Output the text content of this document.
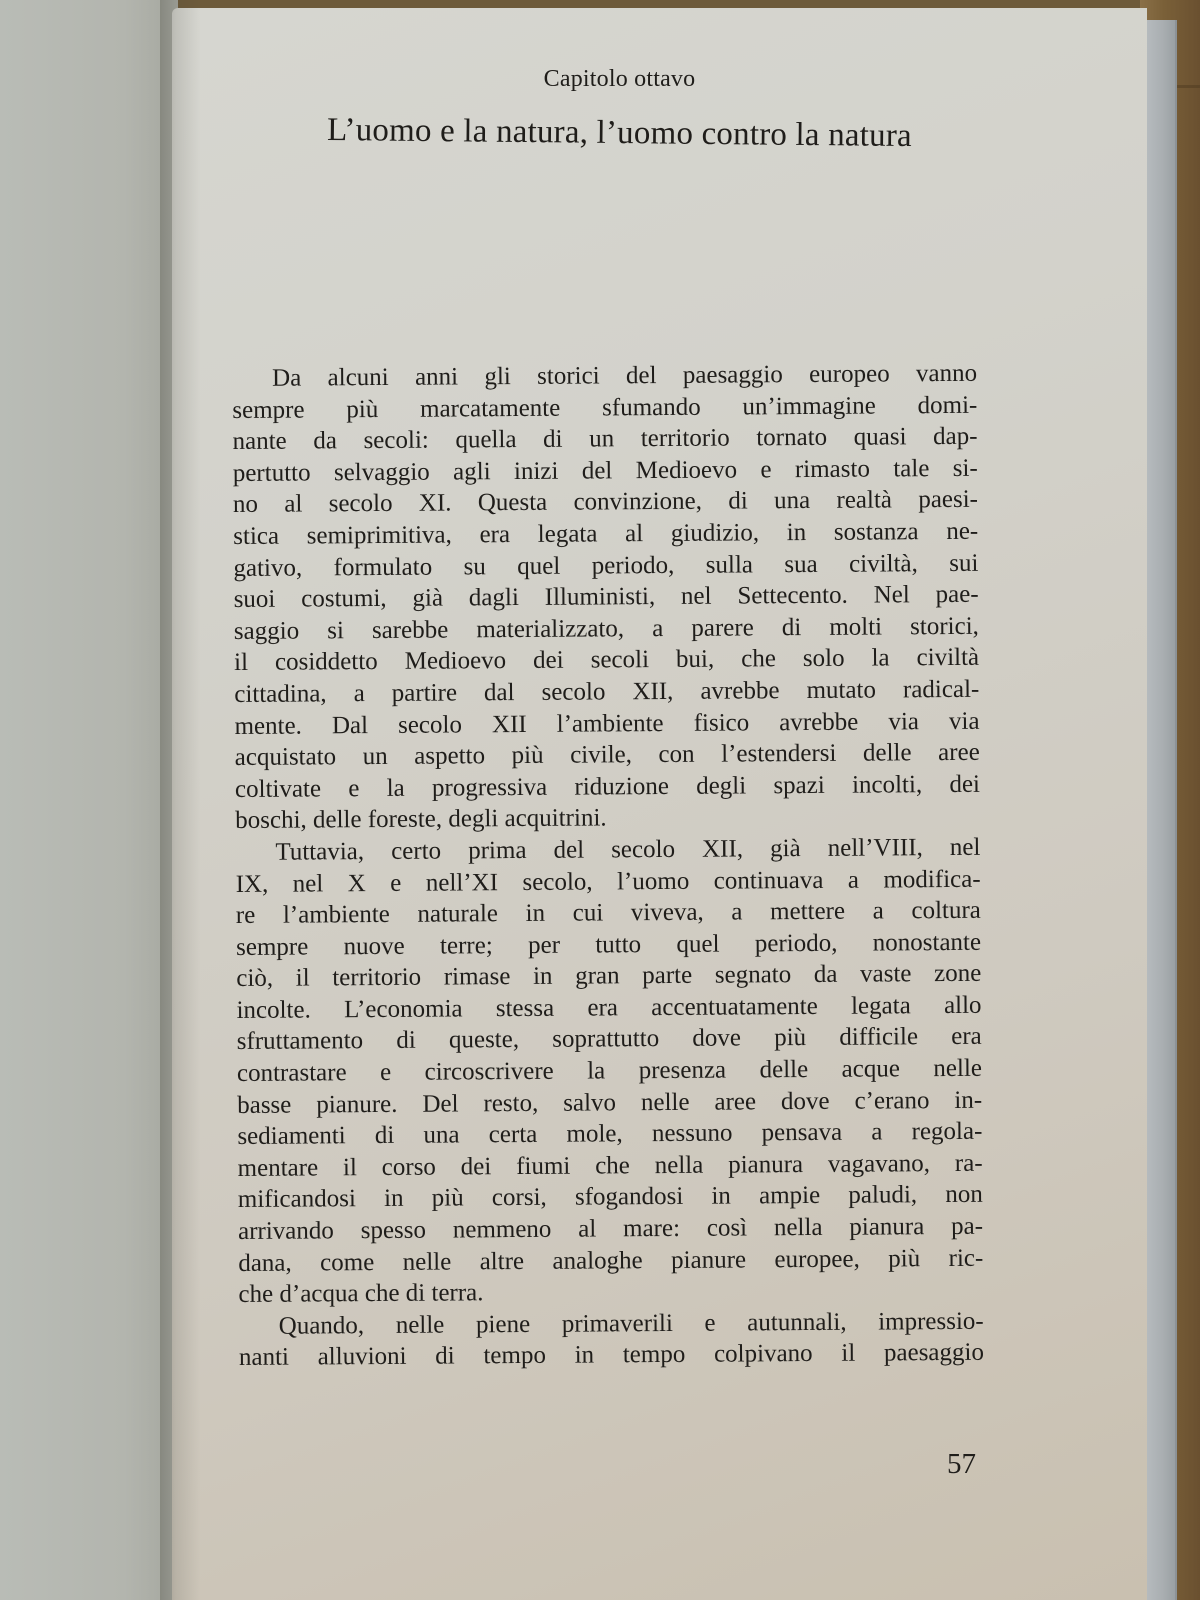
Capitolo ottavo
L’uomo e la natura, l’uomo contro la natura
Da alcuni anni gli storici del paesaggio europeo vanno
sempre più marcatamente sfumando un’immagine domi-
nante da secoli: quella di un territorio tornato quasi dap-
pertutto selvaggio agli inizi del Medioevo e rimasto tale si-
no al secolo XI. Questa convinzione, di una realtà paesi-
stica semiprimitiva, era legata al giudizio, in sostanza ne-
gativo, formulato su quel periodo, sulla sua civiltà, sui
suoi costumi, già dagli Illuministi, nel Settecento. Nel pae-
saggio si sarebbe materializzato, a parere di molti storici,
il cosiddetto Medioevo dei secoli bui, che solo la civiltà
cittadina, a partire dal secolo XII, avrebbe mutato radical-
mente. Dal secolo XII l’ambiente fisico avrebbe via via
acquistato un aspetto più civile, con l’estendersi delle aree
coltivate e la progressiva riduzione degli spazi incolti, dei
boschi, delle foreste, degli acquitrini.
Tuttavia, certo prima del secolo XII, già nell’VIII, nel
IX, nel X e nell’XI secolo, l’uomo continuava a modifica-
re l’ambiente naturale in cui viveva, a mettere a coltura
sempre nuove terre; per tutto quel periodo, nonostante
ciò, il territorio rimase in gran parte segnato da vaste zone
incolte. L’economia stessa era accentuatamente legata allo
sfruttamento di queste, soprattutto dove più difficile era
contrastare e circoscrivere la presenza delle acque nelle
basse pianure. Del resto, salvo nelle aree dove c’erano in-
sediamenti di una certa mole, nessuno pensava a regola-
mentare il corso dei fiumi che nella pianura vagavano, ra-
mificandosi in più corsi, sfogandosi in ampie paludi, non
arrivando spesso nemmeno al mare: così nella pianura pa-
dana, come nelle altre analoghe pianure europee, più ric-
che d’acqua che di terra.
Quando, nelle piene primaverili e autunnali, impressio-
nanti alluvioni di tempo in tempo colpivano il paesaggio
57
